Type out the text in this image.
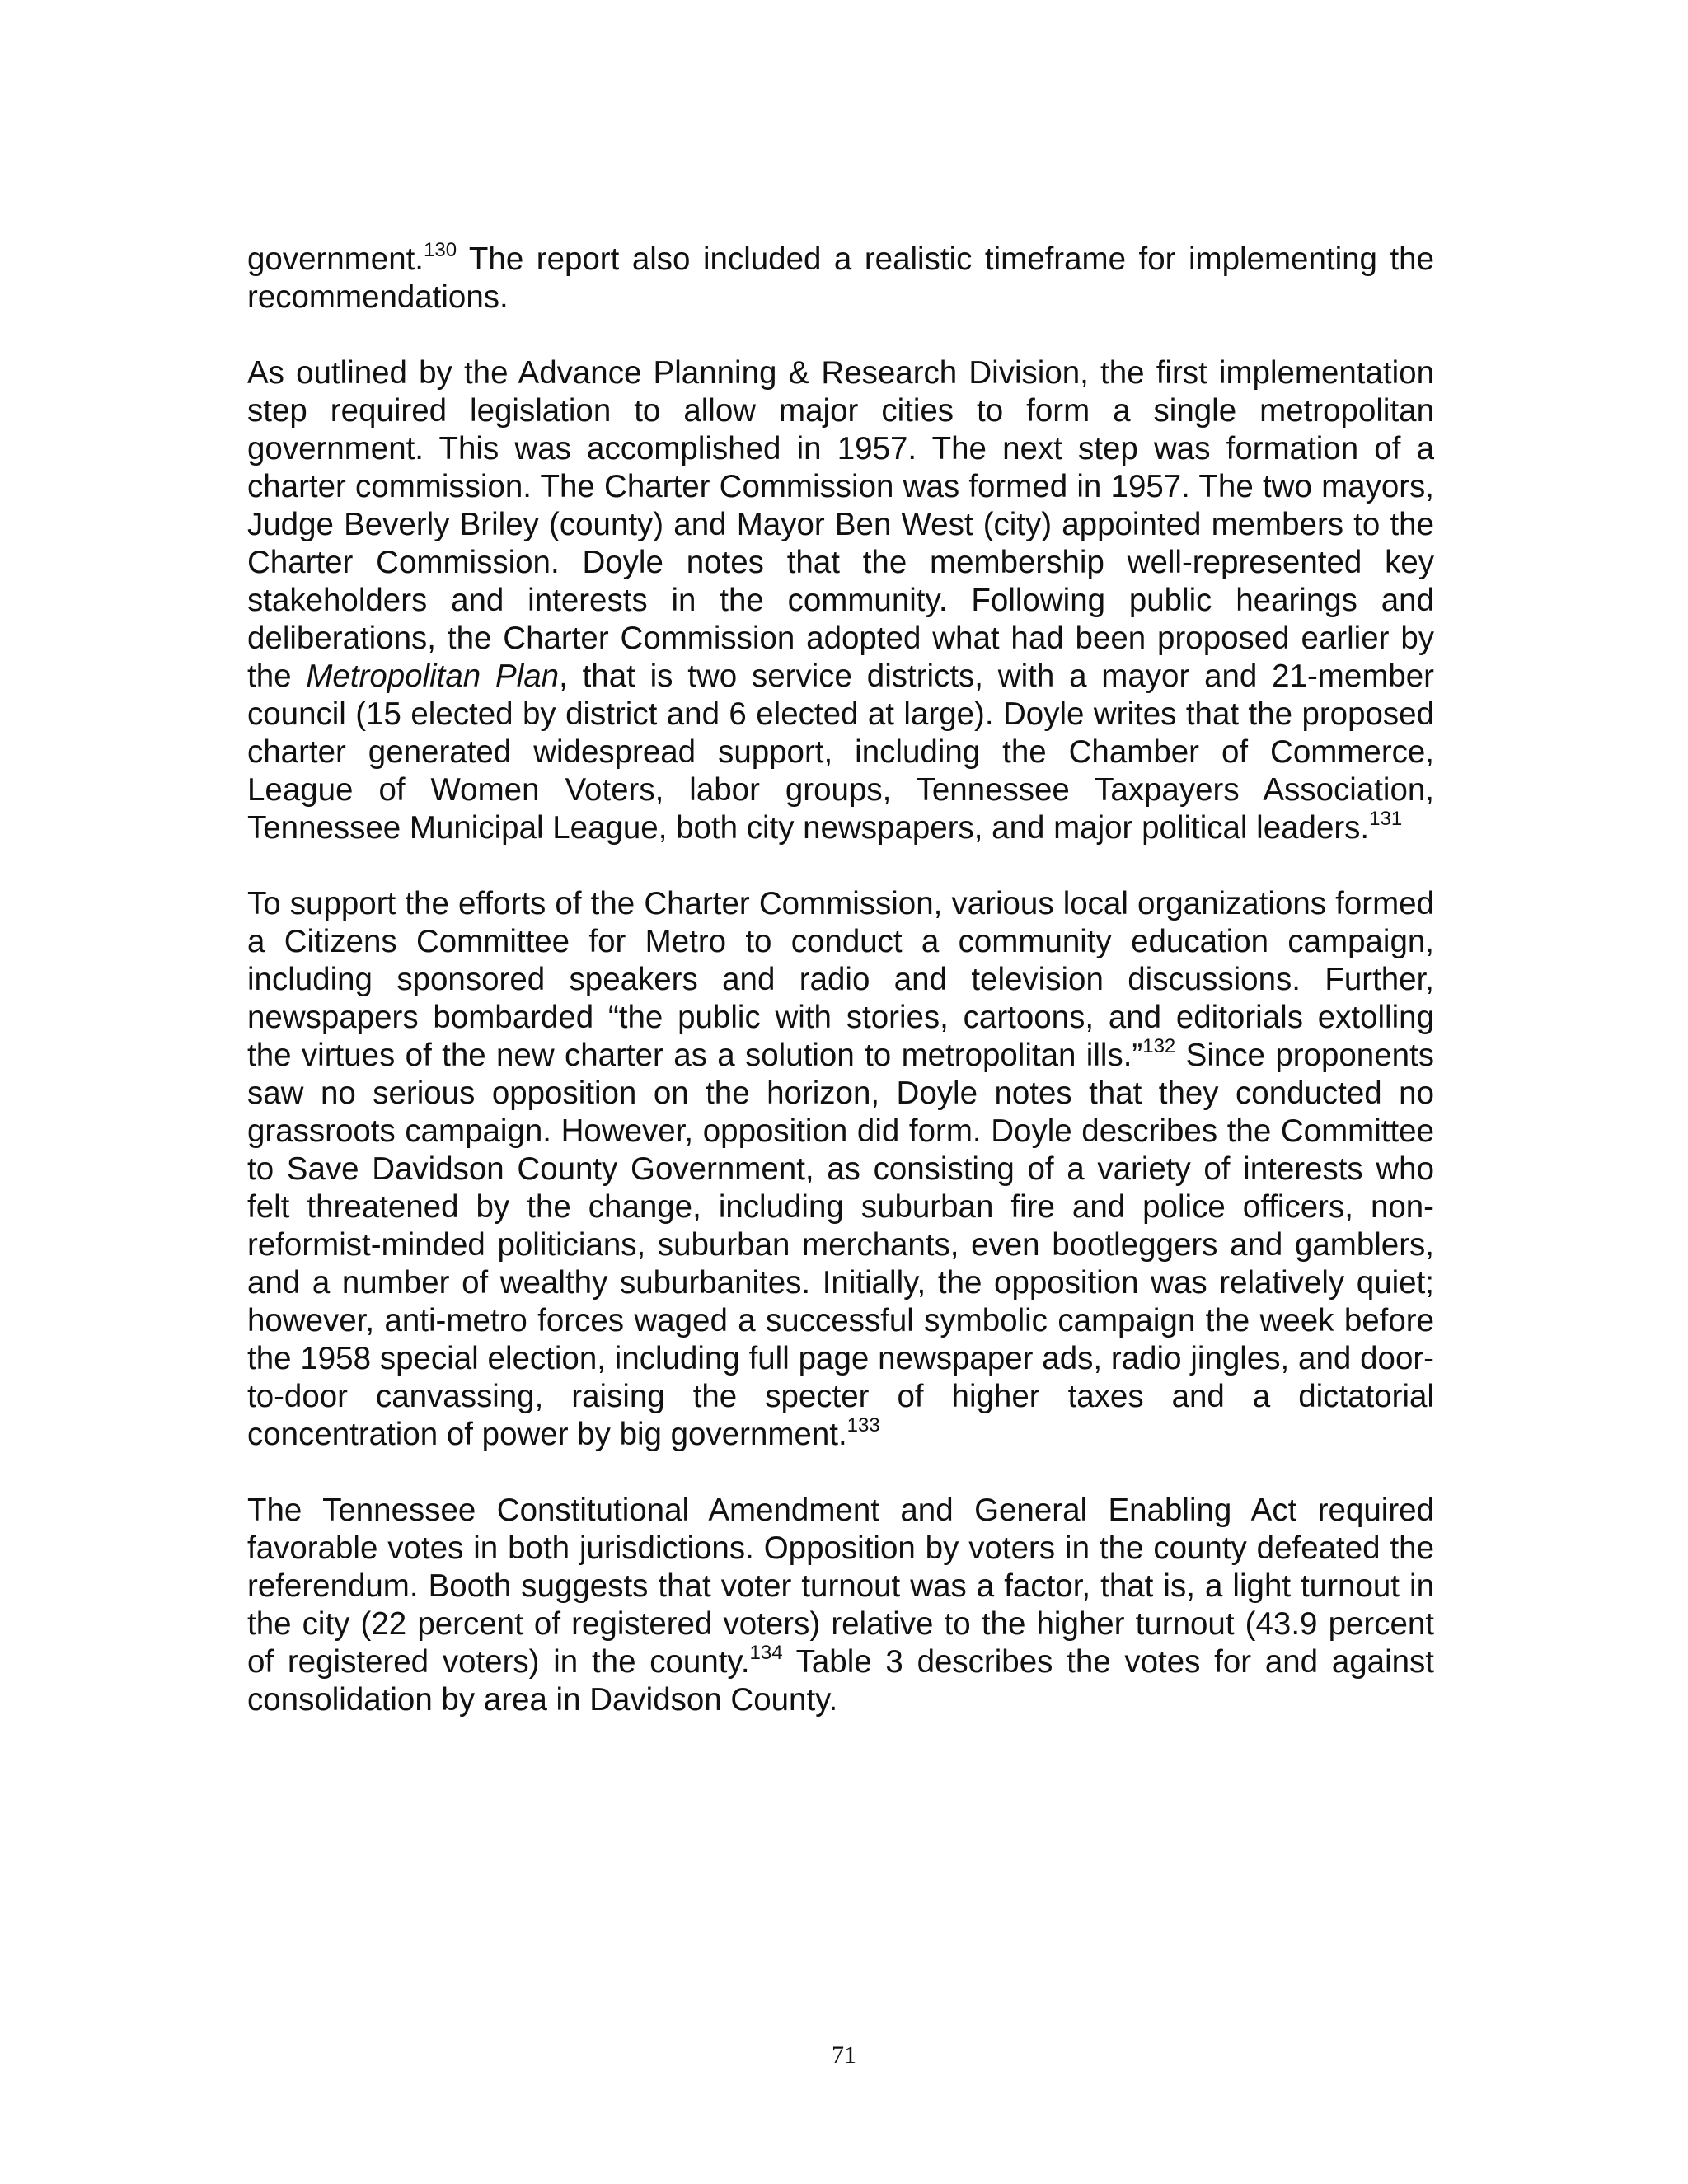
government.$^{130}$ The report also included a realistic timeframe for implementing the recommendations.

As outlined by the Advance Planning & Research Division, the first implementation step required legislation to allow major cities to form a single metropolitan government. This was accomplished in 1957. The next step was formation of a charter commission. The Charter Commission was formed in 1957. The two mayors, Judge Beverly Briley (county) and Mayor Ben West (city) appointed members to the Charter Commission. Doyle notes that the membership well-represented key stakeholders and interests in the community. Following public hearings and deliberations, the Charter Commission adopted what had been proposed earlier by the Metropolitan Plan, that is two service districts, with a mayor and 21-member council (15 elected by district and 6 elected at large). Doyle writes that the proposed charter generated widespread support, including the Chamber of Commerce, League of Women Voters, labor groups, Tennessee Taxpayers Association, Tennessee Municipal League, both city newspapers, and major political leaders.$^{131}$

To support the efforts of the Charter Commission, various local organizations formed a Citizens Committee for Metro to conduct a community education campaign, including sponsored speakers and radio and television discussions. Further, newspapers bombarded “the public with stories, cartoons, and editorials extolling the virtues of the new charter as a solution to metropolitan ills.”$^{132}$ Since proponents saw no serious opposition on the horizon, Doyle notes that they conducted no grassroots campaign. However, opposition did form. Doyle describes the Committee to Save Davidson County Government, as consisting of a variety of interests who felt threatened by the change, including suburban fire and police officers, non-reformist-minded politicians, suburban merchants, even bootleggers and gamblers, and a number of wealthy suburbanites. Initially, the opposition was relatively quiet; however, anti-metro forces waged a successful symbolic campaign the week before the 1958 special election, including full page newspaper ads, radio jingles, and door-to-door canvassing, raising the specter of higher taxes and a dictatorial concentration of power by big government.$^{133}$

The Tennessee Constitutional Amendment and General Enabling Act required favorable votes in both jurisdictions. Opposition by voters in the county defeated the referendum. Booth suggests that voter turnout was a factor, that is, a light turnout in the city (22 percent of registered voters) relative to the higher turnout (43.9 percent of registered voters) in the county.$^{134}$ Table 3 describes the votes for and against consolidation by area in Davidson County.

71
